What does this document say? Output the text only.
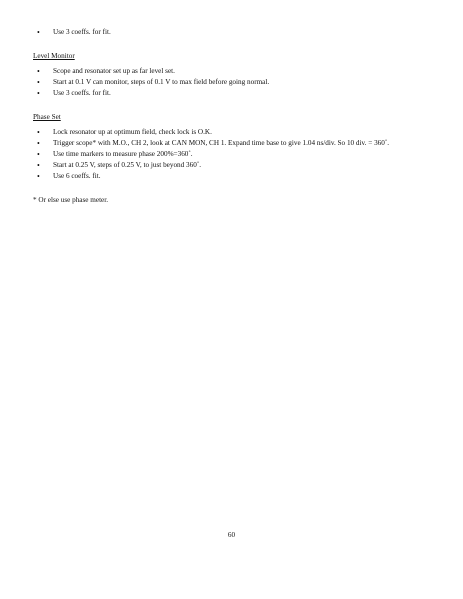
• Use 3 coeffs. for fit.
Level Monitor
• Scope and resonator set up as far level set.
• Start at 0.1 V can monitor, steps of 0.1 V to max field before going normal.
• Use 3 coeffs. for fit.
Phase Set
• Lock resonator up at optimum field, check lock is O.K.
• Trigger scope* with M.O., CH 2, look at CAN MON, CH 1. Expand time base to give 1.04 ns/div. So 10 div. = 360˚.
• Use time markers to measure phase 200%=360˚.
• Start at 0.25 V, steps of 0.25 V, to just beyond 360˚.
• Use 6 coeffs. fit.
* Or else use phase meter.
60
